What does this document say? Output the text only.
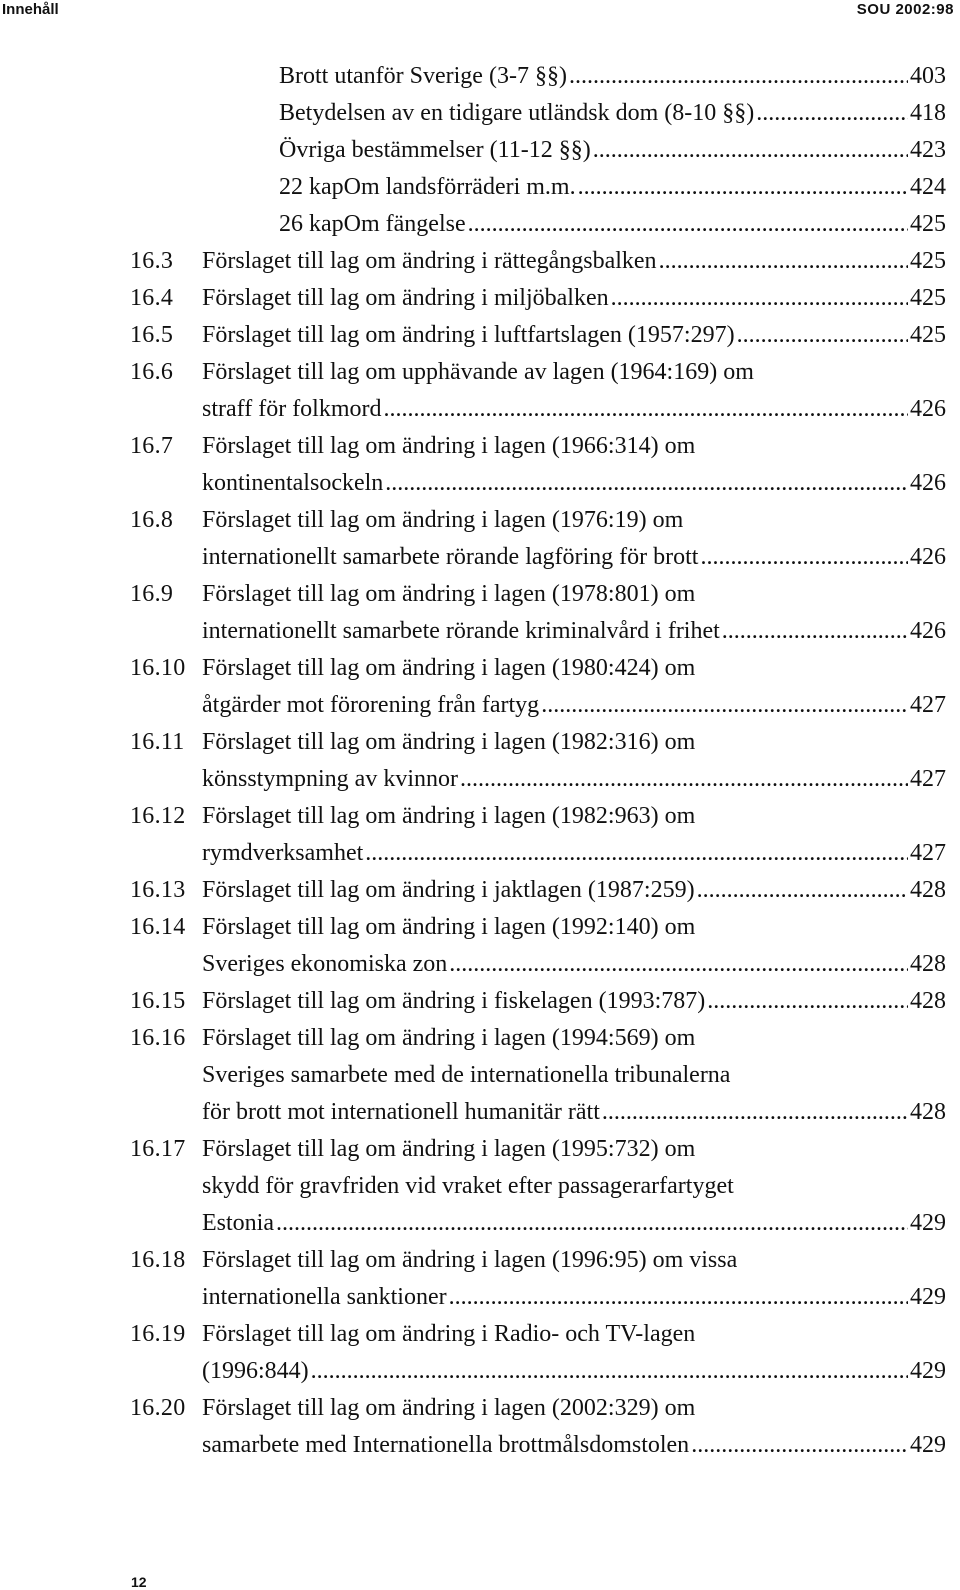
Innehåll	SOU 2002:98
Brott utanför Sverige (3-7 §§) .....	403
Betydelsen av en tidigare utländsk dom (8-10 §§) .....	418
Övriga bestämmelser (11-12 §§) .....	423
22 kapOm landsförräderi m.m. .....	424
26 kapOm fängelse .....	425
16.3	Förslaget till lag om ändring i rättegångsbalken .....	425
16.4	Förslaget till lag om ändring i miljöbalken .....	425
16.5	Förslaget till lag om ändring i luftfartslagen (1957:297) .....	425
16.6	Förslaget till lag om upphävande av lagen (1964:169) om
straff för folkmord .....	426
16.7	Förslaget till lag om ändring i lagen (1966:314) om
kontinentalsockeln .....	426
16.8	Förslaget till lag om ändring i lagen (1976:19) om
internationellt samarbete rörande lagföring för brott .....	426
16.9	Förslaget till lag om ändring i lagen (1978:801) om
internationellt samarbete rörande kriminalvård i frihet .....	426
16.10 Förslaget till lag om ändring i lagen (1980:424) om
åtgärder mot förorening från fartyg .....	427
16.11 Förslaget till lag om ändring i lagen (1982:316) om
könsstympning av kvinnor .....	427
16.12 Förslaget till lag om ändring i lagen (1982:963) om
rymdverksamhet .....	427
16.13 Förslaget till lag om ändring i jaktlagen (1987:259) .....	428
16.14 Förslaget till lag om ändring i lagen (1992:140) om
Sveriges ekonomiska zon .....	428
16.15 Förslaget till lag om ändring i fiskelagen (1993:787) .....	428
16.16 Förslaget till lag om ändring i lagen (1994:569) om
Sveriges samarbete med de internationella tribunalerna
för brott mot internationell humanitär rätt .....	428
16.17 Förslaget till lag om ändring i lagen (1995:732) om
skydd för gravfriden vid vraket efter passagerarfartyget
Estonia .....	429
16.18 Förslaget till lag om ändring i lagen (1996:95) om vissa
internationella sanktioner .....	429
16.19 Förslaget till lag om ändring i Radio- och TV-lagen
(1996:844) .....	429
16.20 Förslaget till lag om ändring i lagen (2002:329) om
samarbete med Internationella brottmålsdomstolen .....	429
12
